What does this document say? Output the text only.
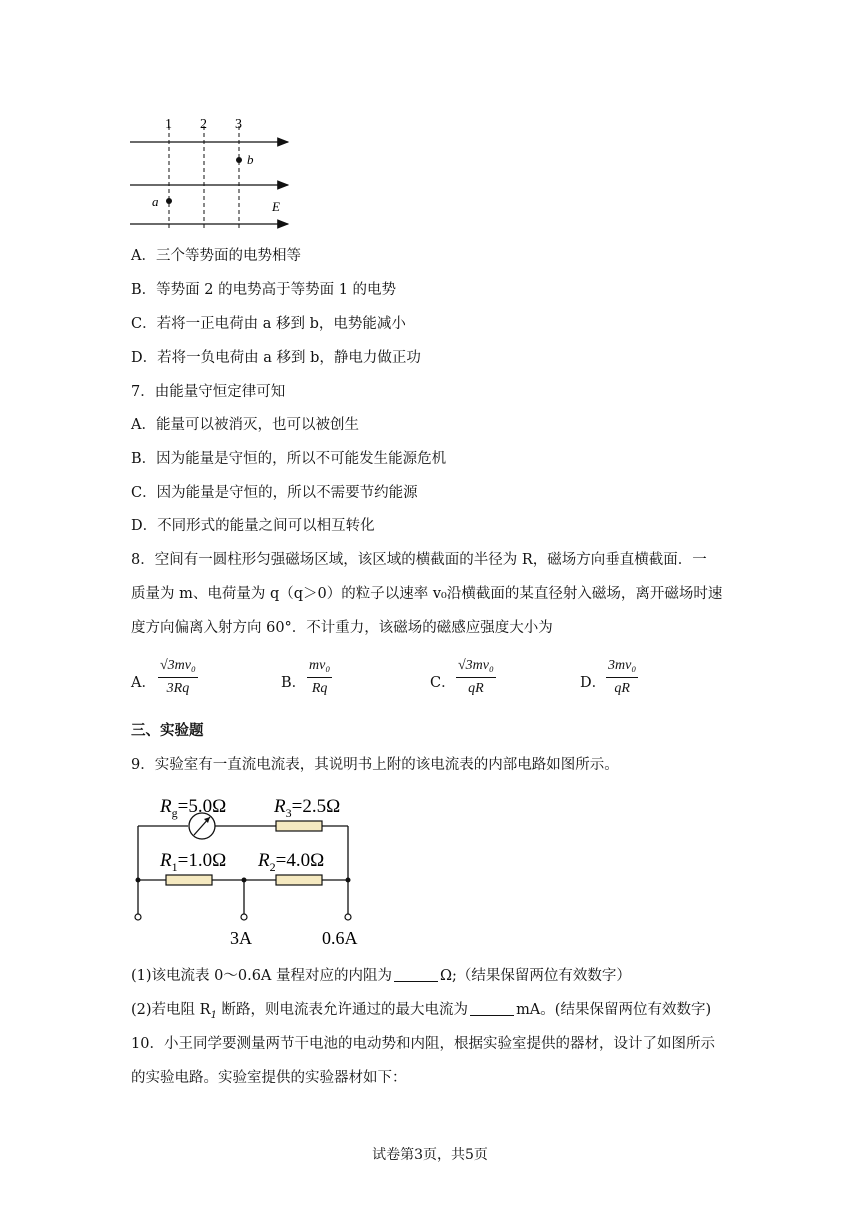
1 2 3
b
a	E
A．三个等势面的电势相等
B．等势面 2 的电势高于等势面 1 的电势
C．若将一正电荷由 a 移到 b，电势能减小
D．若将一负电荷由 a 移到 b，静电力做正功
7．由能量守恒定律可知
A．能量可以被消灭，也可以被创生
B．因为能量是守恒的，所以不可能发生能源危机
C．因为能量是守恒的，所以不需要节约能源
D．不同形式的能量之间可以相互转化
8．空间有一圆柱形匀强磁场区域，该区域的横截面的半径为 R，磁场方向垂直横截面．一
质量为 m、电荷量为 q（q＞0）的粒子以速率 v₀沿横截面的某直径射入磁场，离开磁场时速
度方向偏离入射方向 60°．不计重力，该磁场的磁感应强度大小为
A． $\frac{\text{√3mv₀}}{3Rq}$	B． $\frac{\text{mv₀}}{Rq}$	C． $\frac{\text{√3mv₀}}{qR}$	D． $\frac{\text{3mv₀}}{qR}$
三、实验题
9．实验室有一直流电流表，其说明书上附的该电流表的内部电路如图所示。
$R_g=5.0\Omega$	$R_3=2.5\Omega$
$R_1=1.0\Omega$ $R_2=4.0\Omega$
3A	0.6A
(1)该电流表 0～0.6A 量程对应的内阻为	Ω;（结果保留两位有效数字）
(2)若电阻 $R_1$ 断路，则电流表允许通过的最大电流为	mA。(结果保留两位有效数字)
10．小王同学要测量两节干电池的电动势和内阻，根据实验室提供的器材，设计了如图所示
的实验电路。实验室提供的实验器材如下：
试卷第3页，共5页
